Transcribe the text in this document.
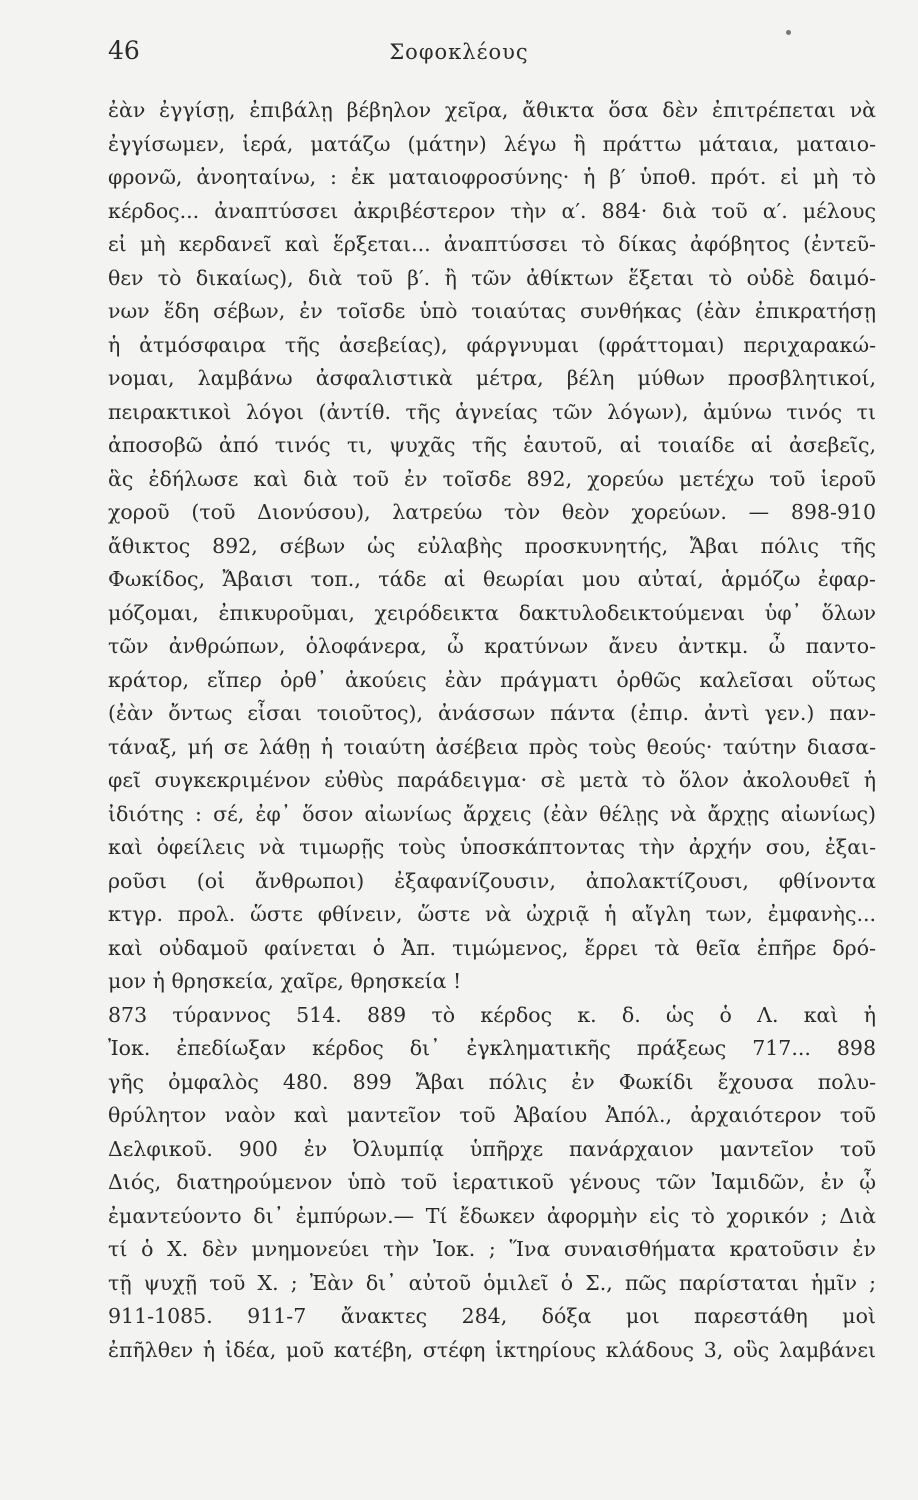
46	Σοφοκλέους
ἐὰν ἐγγίσῃ, ἐπιβάλῃ βέβηλον χεῖρα, ἄθικτα ὅσα δὲν ἐπιτρέπεται νὰ
ἐγγίσωμεν, ἱερά, ματάζω (μάτην) λέγω ἢ πράττω μάταια, ματαιο-
φρονῶ, ἀνοηταίνω, : ἐκ ματαιοφροσύνης· ἡ β′ ὑποθ. πρότ. εἰ μὴ τὸ
κέρδος... ἀναπτύσσει ἀκριβέστερον τὴν α′. 884· διὰ τοῦ α′. μέλους
εἰ μὴ κερδανεῖ καὶ ἕρξεται... ἀναπτύσσει τὸ δίκας ἀφόβητος (ἐντεῦ-
θεν τὸ δικαίως), διὰ τοῦ β′. ἢ τῶν ἀθίκτων ἕξεται τὸ οὐδὲ δαιμό-
νων ἕδη σέβων, ἐν τοῖσδε ὑπὸ τοιαύτας συνθήκας (ἐὰν ἐπικρατήσῃ
ἡ ἀτμόσφαιρα τῆς ἀσεβείας), φάργνυμαι (φράττομαι) περιχαρακώ-
νομαι, λαμβάνω ἀσφαλιστικὰ μέτρα, βέλη μύθων προσβλητικοί,
πειρακτικοὶ λόγοι (ἀντίθ. τῆς ἁγνείας τῶν λόγων), ἀμύνω τινός τι
ἀποσοβῶ ἀπό τινός τι, ψυχᾶς τῆς ἑαυτοῦ, αἱ τοιαίδε αἱ ἀσεβεῖς,
ἃς ἐδήλωσε καὶ διὰ τοῦ ἐν τοῖσδε 892, χορεύω μετέχω τοῦ ἱεροῦ
χοροῦ (τοῦ Διονύσου), λατρεύω τὸν θεὸν χορεύων. — 898-910
ἄθικτος 892, σέβων ὡς εὐλαβὴς προσκυνητής, Ἄβαι πόλις τῆς
Φωκίδος, Ἄβαισι τοπ., τάδε αἱ θεωρίαι μου αὐταί, ἁρμόζω ἐφαρ-
μόζομαι, ἐπικυροῦμαι, χειρόδεικτα δακτυλοδεικτούμεναι ὑφ᾽ ὅλων
τῶν ἀνθρώπων, ὁλοφάνερα, ὦ κρατύνων ἄνευ ἀντκμ. ὦ παντο-
κράτορ, εἴπερ ὀρθ᾽ ἀκούεις ἐὰν πράγματι ὀρθῶς καλεῖσαι οὕτως
(ἐὰν ὄντως εἶσαι τοιοῦτος), ἀνάσσων πάντα (ἐπιρ. ἀντὶ γεν.) παν-
τάναξ, μή σε λάθῃ ἡ τοιαύτη ἀσέβεια πρὸς τοὺς θεούς· ταύτην διασα-
φεῖ συγκεκριμένον εὐθὺς παράδειγμα· σὲ μετὰ τὸ ὅλον ἀκολουθεῖ ἡ
ἰδιότης : σέ, ἐφ᾽ ὅσον αἰωνίως ἄρχεις (ἐὰν θέλῃς νὰ ἄρχῃς αἰωνίως)
καὶ ὀφείλεις νὰ τιμωρῇς τοὺς ὑποσκάπτοντας τὴν ἀρχήν σου, ἐξαι-
ροῦσι (οἱ ἄνθρωποι) ἐξαφανίζουσιν, ἀπολακτίζουσι, φθίνοντα
κτγρ. προλ. ὥστε φθίνειν, ὥστε νὰ ὠχριᾷ ἡ αἴγλη των, ἐμφανὴς...
καὶ οὐδαμοῦ φαίνεται ὁ Ἀπ. τιμώμενος, ἔρρει τὰ θεῖα ἐπῆρε δρό-
μον ἡ θρησκεία, χαῖρε, θρησκεία !
873 τύραννος 514. 889 τὸ κέρδος κ. δ. ὡς ὁ Λ. καὶ ἡ
Ἰοκ. ἐπεδίωξαν κέρδος δι᾽ ἐγκληματικῆς πράξεως 717... 898
γῆς ὀμφαλὸς 480. 899 Ἄβαι πόλις ἐν Φωκίδι ἔχουσα πολυ-
θρύλητον ναὸν καὶ μαντεῖον τοῦ Ἀβαίου Ἀπόλ., ἀρχαιότερον τοῦ
Δελφικοῦ. 900 ἐν Ὀλυμπίᾳ ὑπῆρχε πανάρχαιον μαντεῖον τοῦ
Διός, διατηρούμενον ὑπὸ τοῦ ἱερατικοῦ γένους τῶν Ἰαμιδῶν, ἐν ᾧ
ἐμαντεύοντο δι᾽ ἐμπύρων.— Τί ἔδωκεν ἀφορμὴν εἰς τὸ χορικόν ; Διὰ
τί ὁ Χ. δὲν μνημονεύει τὴν Ἰοκ. ; Ἵνα συναισθήματα κρατοῦσιν ἐν
τῇ ψυχῇ τοῦ Χ. ; Ἐὰν δι᾽ αὐτοῦ ὁμιλεῖ ὁ Σ., πῶς παρίσταται ἡμῖν ;
911-1085. 911-7 ἄνακτες 284, δόξα μοι παρεστάθη μοὶ
ἐπῆλθεν ἡ ἰδέα, μοῦ κατέβη, στέφη ἱκτηρίους κλάδους 3, οὓς λαμβάνει
